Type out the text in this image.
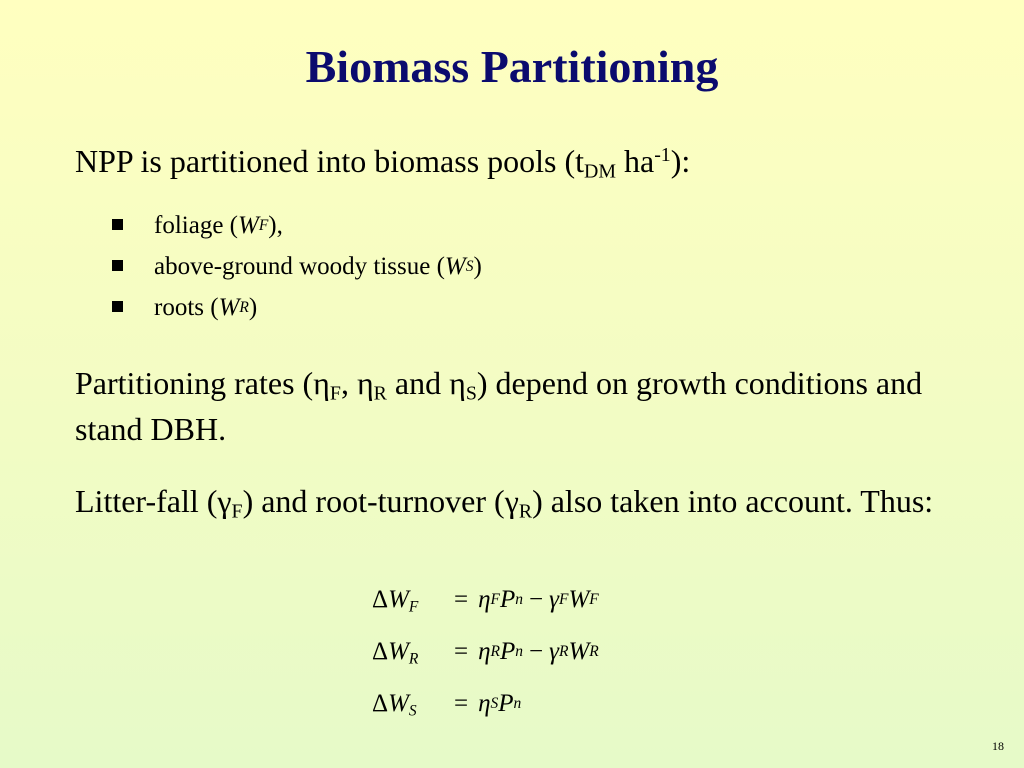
Biomass Partitioning
NPP is partitioned into biomass pools ($t_{DM}$ $ha^{-1}$):
foliage ( W F ),
above-ground woody tissue ( W S )
roots ( W R )
Partitioning rates ($\eta_F$, $\eta_R$ and $\eta_S$) depend on growth conditions and stand DBH.
Litter-fall $(\gamma_F)$ and root-turnover $(\gamma_R)$ also taken into account. Thus:
$\Delta W_F$	= η F P n − γ F W F
$\Delta W_R$	= η R P n − γ R W R
$\Delta W_S$	= η S P n
18
